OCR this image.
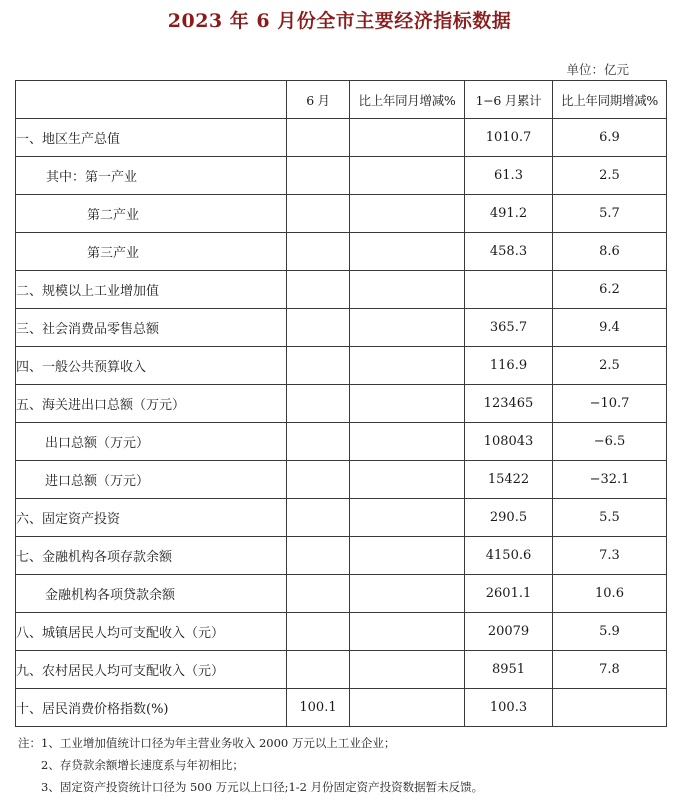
2023 年 6 月份全市主要经济指标数据
单位：亿元
	6 月	比上年同月增减%	1−6 月累计	比上年同期增减%
一、地区生产总值			1010.7	6.9
其中：第一产业			61.3	2.5
第二产业			491.2	5.7
第三产业			458.3	8.6
二、规模以上工业增加值				6.2
三、社会消费品零售总额			365.7	9.4
四、一般公共预算收入			116.9	2.5
五、海关进出口总额（万元）			123465	−10.7
出口总额（万元）			108043	−6.5
进口总额（万元）			15422	−32.1
六、固定资产投资			290.5	5.5
七、金融机构各项存款余额			4150.6	7.3
金融机构各项贷款余额			2601.1	10.6
八、城镇居民人均可支配收入（元）			20079	5.9
九、农村居民人均可支配收入（元）			8951	7.8
十、居民消费价格指数(%)	100.1		100.3	
注：1、工业增加值统计口径为年主营业务收入 2000 万元以上工业企业；
2、存贷款余额增长速度系与年初相比；
3、固定资产投资统计口径为 500 万元以上口径;1-2 月份固定资产投资数据暂未反馈。
